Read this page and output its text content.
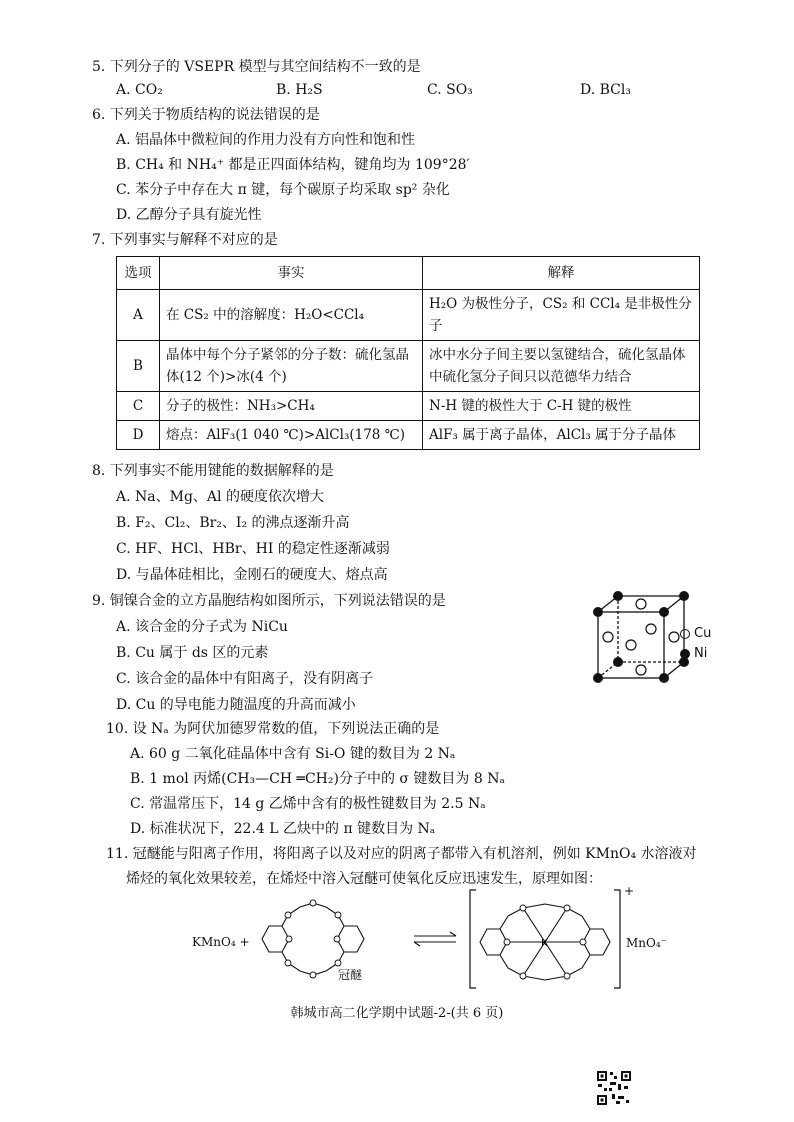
5. 下列分子的 VSEPR 模型与其空间结构不一致的是
A. CO₂	B. H₂S	C. SO₃	D. BCl₃
6. 下列关于物质结构的说法错误的是
A. 铝晶体中微粒间的作用力没有方向性和饱和性
B. CH₄ 和 NH₄⁺ 都是正四面体结构，键角均为 109°28′
C. 苯分子中存在大 π 键，每个碳原子均采取 sp² 杂化
D. 乙醇分子具有旋光性
7. 下列事实与解释不对应的是
选项	事实	解释
A	在 CS₂ 中的溶解度：H₂O<CCl₄	H₂O 为极性分子，CS₂ 和 CCl₄ 是非极性分子
B	晶体中每个分子紧邻的分子数：硫化氢晶体(12 个)>冰(4 个)	冰中水分子间主要以氢键结合，硫化氢晶体中硫化氢分子间只以范德华力结合
C	分子的极性：NH₃>CH₄	N-H 键的极性大于 C-H 键的极性
D	熔点：AlF₃(1 040 ℃)>AlCl₃(178 ℃)	AlF₃ 属于离子晶体，AlCl₃ 属于分子晶体
8. 下列事实不能用键能的数据解释的是
A. Na、Mg、Al 的硬度依次增大
B. F₂、Cl₂、Br₂、I₂ 的沸点逐渐升高
C. HF、HCl、HBr、HI 的稳定性逐渐减弱
D. 与晶体硅相比，金刚石的硬度大、熔点高
9. 铜镍合金的立方晶胞结构如图所示，下列说法错误的是
A. 该合金的分子式为 NiCu
B. Cu 属于 ds 区的元素
C. 该合金的晶体中有阳离子，没有阴离子
D. Cu 的导电能力随温度的升高而减小
Cu
Ni
10. 设 Nₐ 为阿伏加德罗常数的值，下列说法正确的是
A. 60 g 二氧化硅晶体中含有 Si-O 键的数目为 2 Nₐ
B. 1 mol 丙烯(CH₃—CH ═CH₂)分子中的 σ 键数目为 8 Nₐ
C. 常温常压下，14 g 乙烯中含有的极性键数目为 2.5 Nₐ
D. 标准状况下，22.4 L 乙炔中的 π 键数目为 Nₐ
11. 冠醚能与阳离子作用，将阳离子以及对应的阴离子都带入有机溶剂，例如 KMnO₄ 水溶液对
烯烃的氧化效果较差，在烯烃中溶入冠醚可使氧化反应迅速发生，原理如图：
KMnO₄ +
冠醚
K
+
MnO₄⁻
韩城市高二化学期中试题-2-(共 6 页)
